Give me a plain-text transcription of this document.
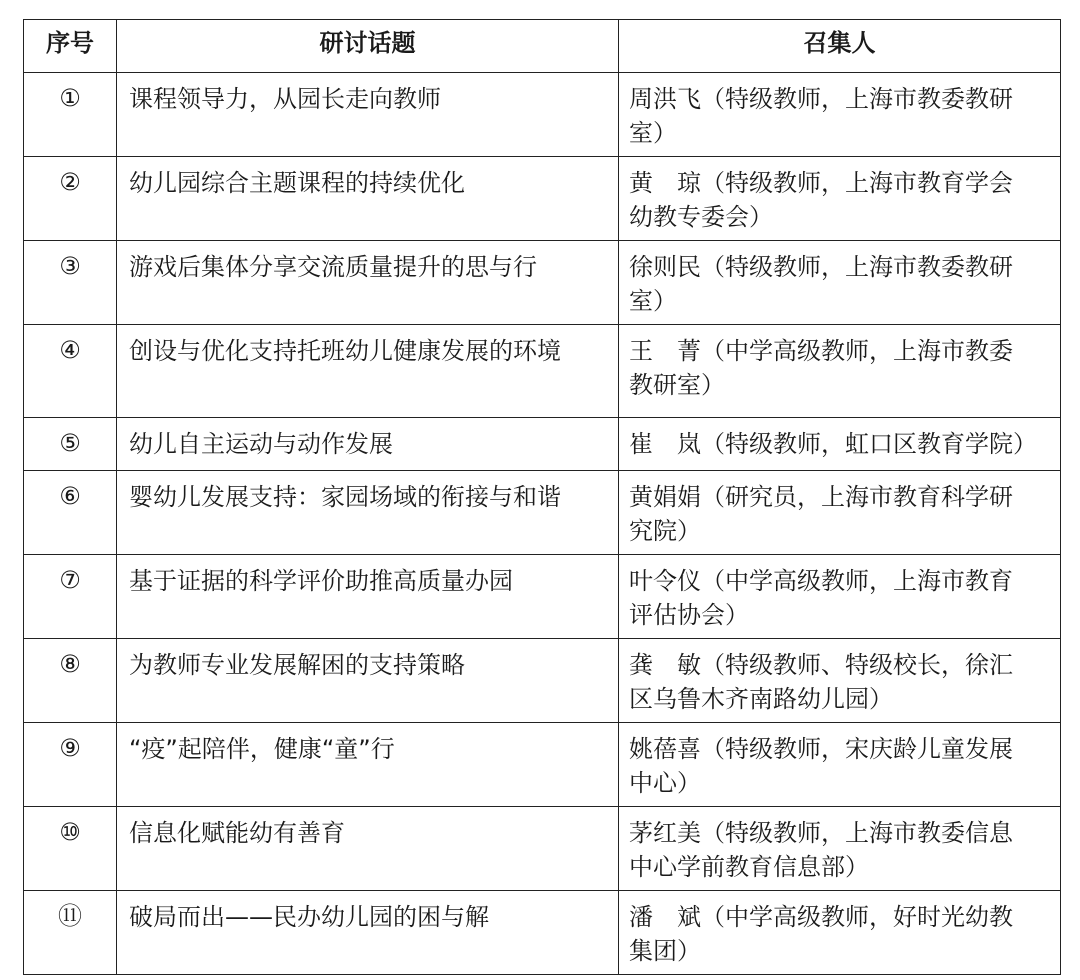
序号	研讨话题	召集人
①	课程领导力，从园长走向教师	周洪飞（特级教师，上海市教委教研
室）

②	幼儿园综合主题课程的持续优化	黄　琼（特级教师，上海市教育学会
幼教专委会）

③	游戏后集体分享交流质量提升的思与行	徐则民（特级教师，上海市教委教研
室）

④	创设与优化支持托班幼儿健康发展的环境	王　菁（中学高级教师，上海市教委
教研室）

⑤	幼儿自主运动与动作发展	崔　岚（特级教师，虹口区教育学院）

⑥	婴幼儿发展支持：家园场域的衔接与和谐	黄娟娟（研究员，上海市教育科学研
究院）

⑦	基于证据的科学评价助推高质量办园	叶令仪（中学高级教师，上海市教育
评估协会）

⑧	为教师专业发展解困的支持策略	龚　敏（特级教师、特级校长，徐汇
区乌鲁木齐南路幼儿园）

⑨	“疫”起陪伴，健康“童”行	姚蓓喜（特级教师，宋庆龄儿童发展
中心）

⑩	信息化赋能幼有善育	茅红美（特级教师，上海市教委信息
中心学前教育信息部）

⑪	破局而出——民办幼儿园的困与解	潘　斌（中学高级教师，好时光幼教
集团）
